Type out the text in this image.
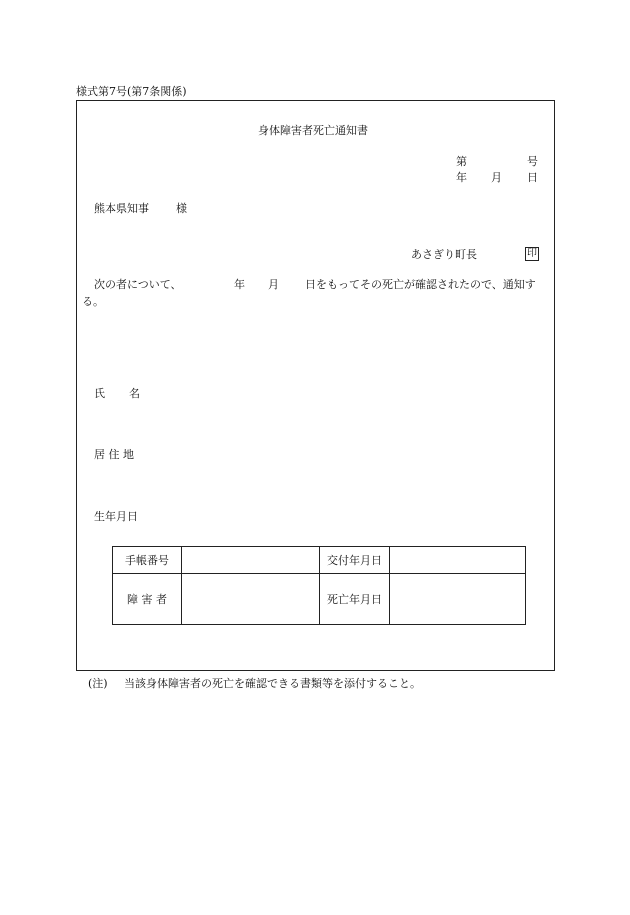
様式第7号(第7条関係)
身体障害者死亡通知書
第	号
年 月 日
熊本県知事 様
あさぎり町長	印
次の者について、	年 月 日をもってその死亡が確認されたので、通知す
る。
氏 名
居 住 地
生年月日
手帳番号		交付年月日	
障 害 者		死亡年月日	
(注) 当該身体障害者の死亡を確認できる書類等を添付すること。
